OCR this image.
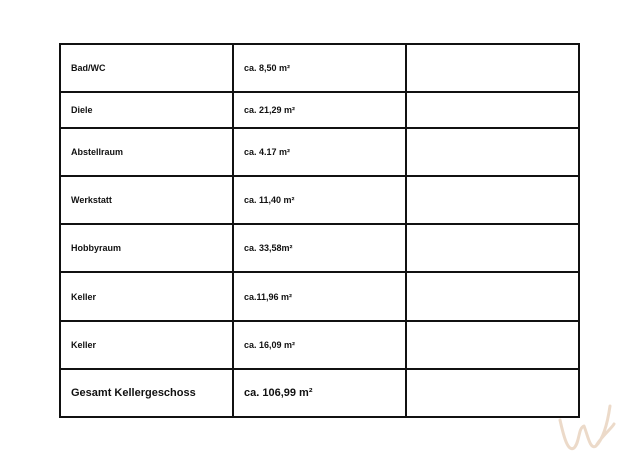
Bad/WC	ca. 8,50 m²	
Diele	ca. 21,29 m²	
Abstellraum	ca. 4.17 m²	
Werkstatt	ca. 11,40 m²	
Hobbyraum	ca. 33,58m²	
Keller	ca.11,96 m²	
Keller	ca. 16,09 m²	
Gesamt Kellergeschoss	ca. 106,99 m²	
